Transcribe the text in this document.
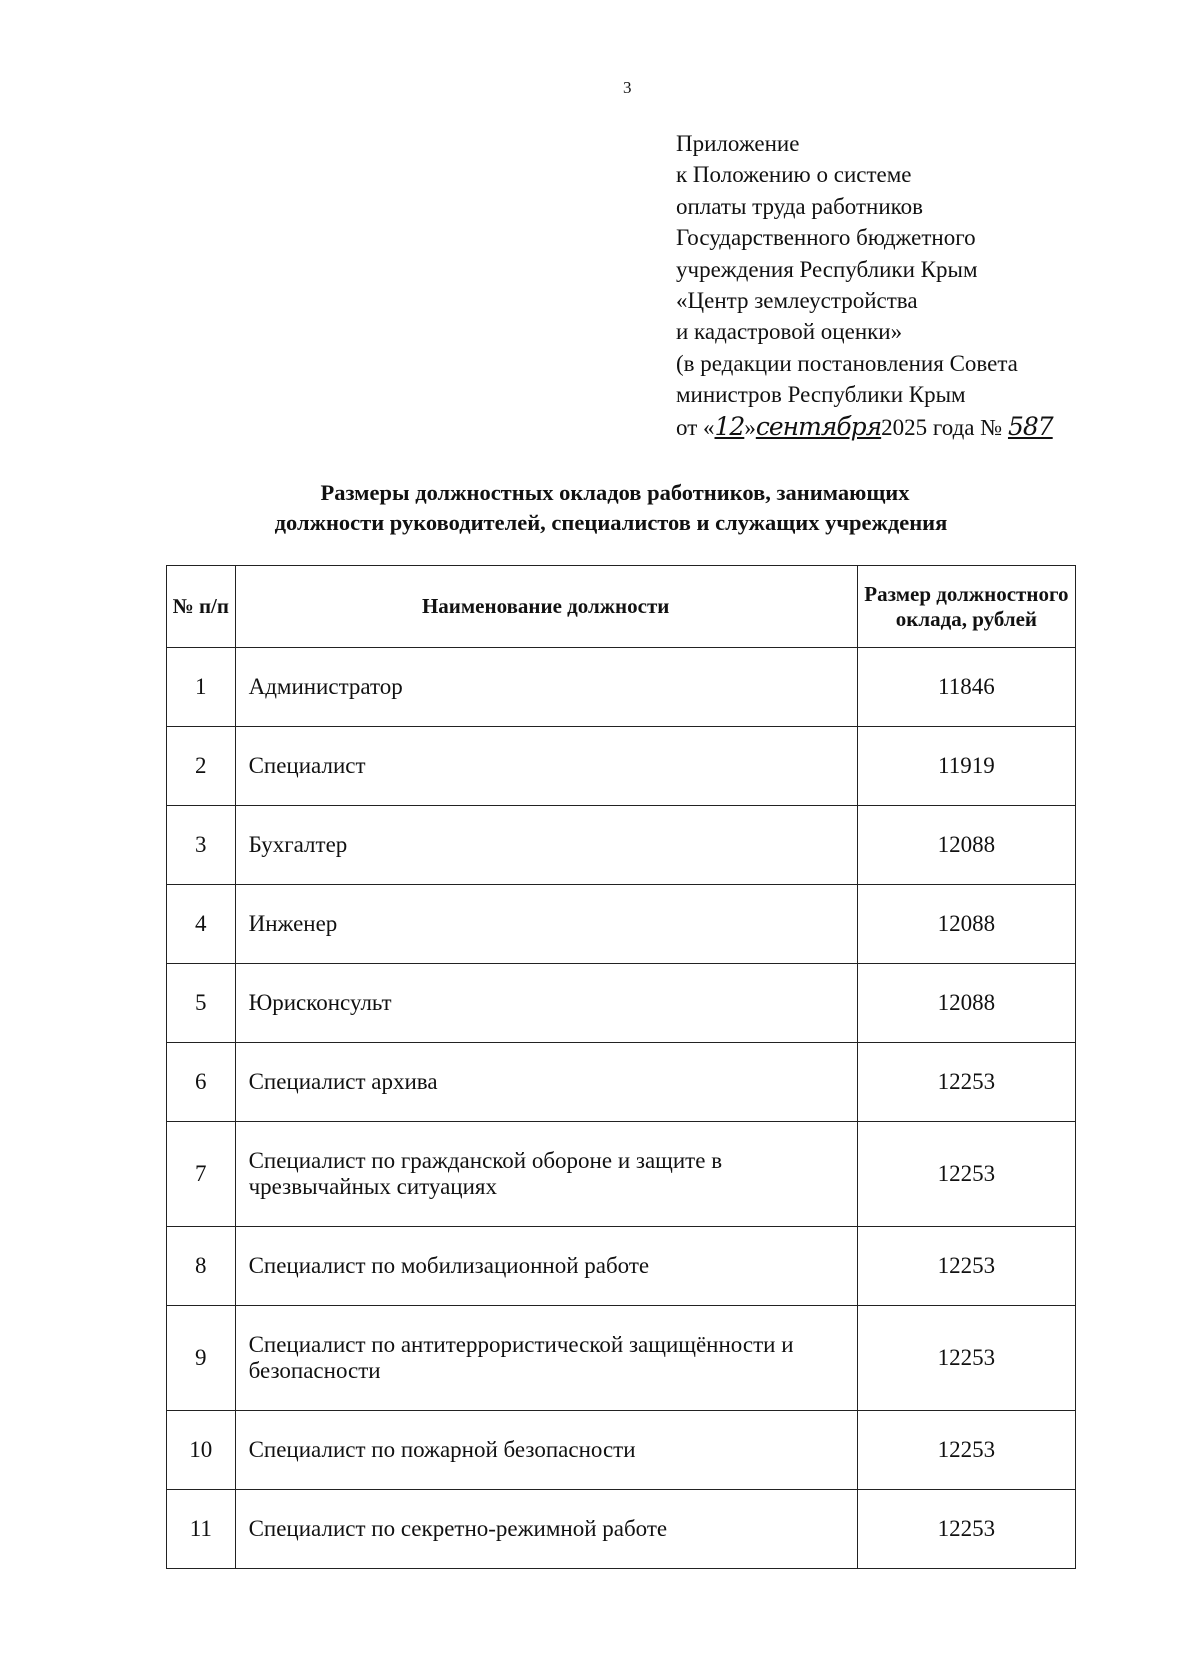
3
Приложение
к Положению о системе
оплаты труда работников
Государственного бюджетного
учреждения Республики Крым
«Центр землеустройства
и кадастровой оценки»
(в редакции постановления Совета
министров Республики Крым
от «12»сентября2025 года № 587
Размеры должностных окладов работников, занимающих
должности руководителей, специалистов и служащих учреждения
№ п/п	Наименование должности	Размер должностного оклада, рублей
1	Администратор	11846
2	Специалист	11919
3	Бухгалтер	12088
4	Инженер	12088
5	Юрисконсульт	12088
6	Специалист архива	12253
7	Специалист по гражданской обороне и защите в чрезвычайных ситуациях	12253
8	Специалист по мобилизационной работе	12253
9	Специалист по антитеррористической защищённости и безопасности	12253
10	Специалист по пожарной безопасности	12253
11	Специалист по секретно-режимной работе	12253
